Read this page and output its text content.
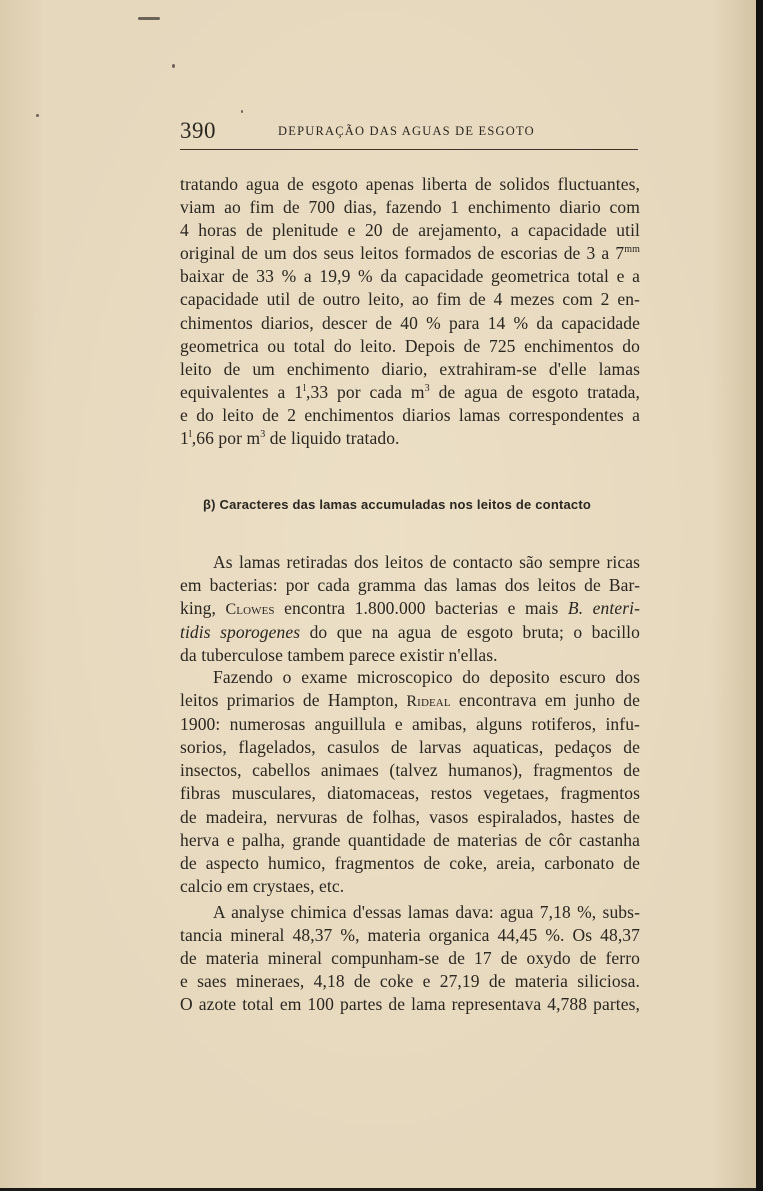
390	DEPURAÇÃO DAS AGUAS DE ESGOTO
tratando agua de esgoto apenas liberta de solidos fluctuantes,
viam ao fim de 700 dias, fazendo 1 enchimento diario com
4 horas de plenitude e 20 de arejamento, a capacidade util
original de um dos seus leitos formados de escorias de 3 a $7^{mm}$
baixar de 33 % a 19,9 % da capacidade geometrica total e a
capacidade util de outro leito, ao fim de 4 mezes com 2 en-
chimentos diarios, descer de 40 % para 14 % da capacidade
geometrica ou total do leito. Depois de 725 enchimentos do
leito de um enchimento diario, extrahiram-se d'elle lamas
equivalentes a 1$^l$,33 por cada $m^3$ de agua de esgoto tratada,
e do leito de 2 enchimentos diarios lamas correspondentes a
1$^l$,66 por $m^3$ de liquido tratado.
β) Caracteres das lamas accumuladas nos leitos de contacto
As lamas retiradas dos leitos de contacto são sempre ricas
em bacterias: por cada gramma das lamas dos leitos de Bar-
king, Clowes encontra 1.800.000 bacterias e mais B. enteri-
tidis sporogenes do que na agua de esgoto bruta; o bacillo
da tuberculose tambem parece existir n'ellas.
Fazendo o exame microscopico do deposito escuro dos
leitos primarios de Hampton, Rideal encontrava em junho de
1900: numerosas anguillula e amibas, alguns rotiferos, infu-
sorios, flagelados, casulos de larvas aquaticas, pedaços de
insectos, cabellos animaes (talvez humanos), fragmentos de
fibras musculares, diatomaceas, restos vegetaes, fragmentos
de madeira, nervuras de folhas, vasos espiralados, hastes de
herva e palha, grande quantidade de materias de côr castanha
de aspecto humico, fragmentos de coke, areia, carbonato de
calcio em crystaes, etc.
A analyse chimica d'essas lamas dava: agua 7,18 %, subs-
tancia mineral 48,37 %, materia organica 44,45 %. Os 48,37
de materia mineral compunham-se de 17 de oxydo de ferro
e saes mineraes, 4,18 de coke e 27,19 de materia siliciosa.
O azote total em 100 partes de lama representava 4,788 partes,
